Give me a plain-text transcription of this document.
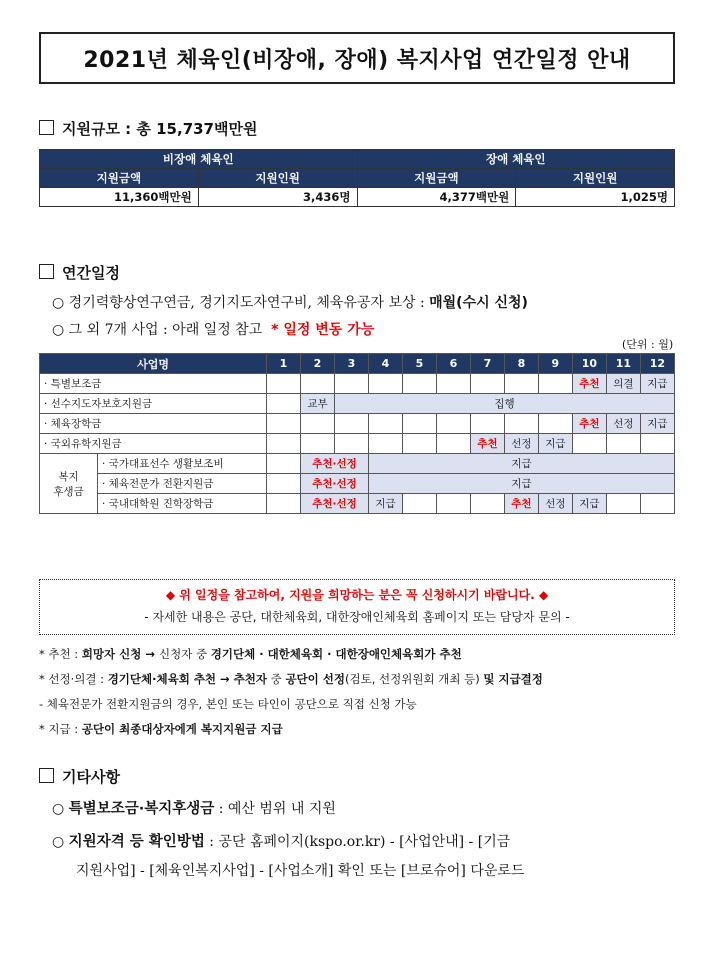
2021년 체육인(비장애, 장애) 복지사업 연간일정 안내
지원규모 : 총 15,737백만원
비장애 체육인		장애 체육인	
지원금액	지원인원	지원금액	지원인원
11,360백만원	3,436명	4,377백만원	1,025명
연간일정
○ 경기력향상연구연금, 경기지도자연구비, 체육유공자 보상 : 매월(수시 신청)
○ 그 외 7개 사업 : 아래 일정 참고 * 일정 변동 가능
(단위 : 월)
사업명		1	2	3	4	5	6	7	8	9	10	11	12
· 특별보조금											추천	의결	지급
· 선수지도자보호지원금			교부	집행									
· 체육장학금											추천	선정	지급
· 국외유학지원금								추천	선정	지급			
복지
후생금	· 국가대표선수 생활보조비		추천·선정		지급								
	· 체육전문가 전환지원금		추천·선정		지급								
	· 국내대학원 진학장학금		추천·선정		지급				추천	선정	지급		
◆ 위 일정을 참고하여, 지원을 희망하는 분은 꼭 신청하시기 바랍니다. ◆
- 자세한 내용은 공단, 대한체육회, 대한장애인체육회 홈페이지 또는 담당자 문의 -
* 추천 : 희망자 신청 → 신청자 중 경기단체 · 대한체육회 · 대한장애인체육회가 추천
* 선정·의결 : 경기단체·체육회 추천 → 추천자 중 공단이 선정(검토, 선정위원회 개최 등) 및 지급결정
- 체육전문가 전환지원금의 경우, 본인 또는 타인이 공단으로 직접 신청 가능
* 지급 : 공단이 최종대상자에게 복지지원금 지급
기타사항
○ 특별보조금·복지후생금 : 예산 범위 내 지원
○ 지원자격 등 확인방법 : 공단 홈페이지(kspo.or.kr) - [사업안내] - [기금
지원사업] - [체육인복지사업] - [사업소개] 확인 또는 [브로슈어] 다운로드
